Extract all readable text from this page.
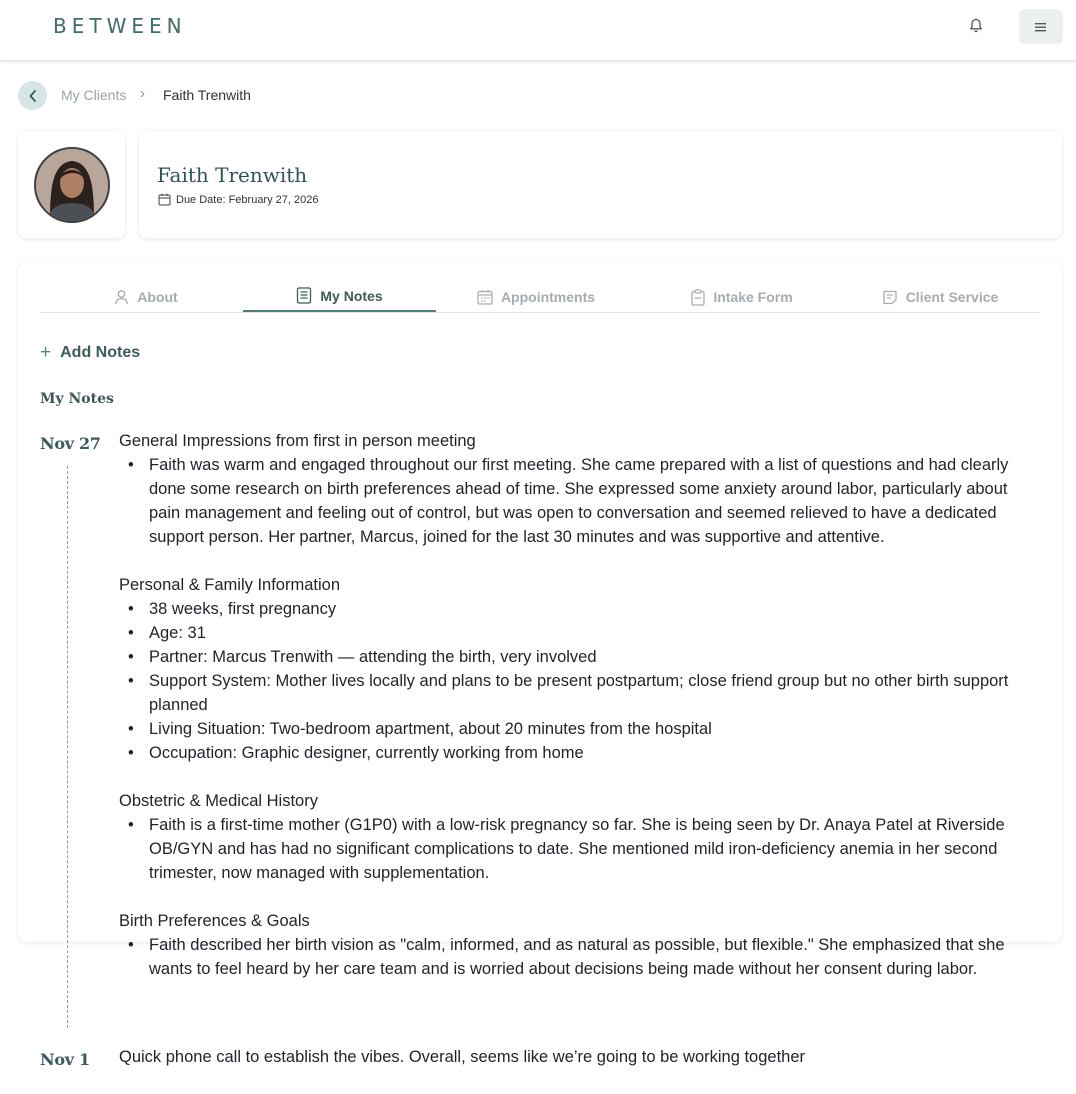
BETWEEN
My Clients › Faith Trenwith
Faith Trenwith
Due Date: February 27, 2026
About	My Notes	Appointments	Intake Form	Client Service
+ Add Notes
My Notes
Nov 27 General Impressions from first in person meeting

• Faith was warm and engaged throughout our first meeting. She came prepared with a list of questions and had clearly done some research on birth preferences ahead of time. She expressed some anxiety around labor, particularly about pain management and feeling out of control, but was open to conversation and seemed relieved to have a dedicated support person. Her partner, Marcus, joined for the last 30 minutes and was supportive and attentive.

Personal & Family Information

• 38 weeks, first pregnancy
• Age: 31
• Partner: Marcus Trenwith — attending the birth, very involved
• Support System: Mother lives locally and plans to be present postpartum; close friend group but no other birth support planned
• Living Situation: Two-bedroom apartment, about 20 minutes from the hospital
• Occupation: Graphic designer, currently working from home

Obstetric & Medical History

• Faith is a first-time mother (G1P0) with a low-risk pregnancy so far. She is being seen by Dr. Anaya Patel at Riverside OB/GYN and has had no significant complications to date. She mentioned mild iron-deficiency anemia in her second trimester, now managed with supplementation.

Birth Preferences & Goals

• Faith described her birth vision as "calm, informed, and as natural as possible, but flexible." She emphasized that she wants to feel heard by her care team and is worried about decisions being made without her consent during labor.
Nov 1 Quick phone call to establish the vibes. Overall, seems like we’re going to be working together
